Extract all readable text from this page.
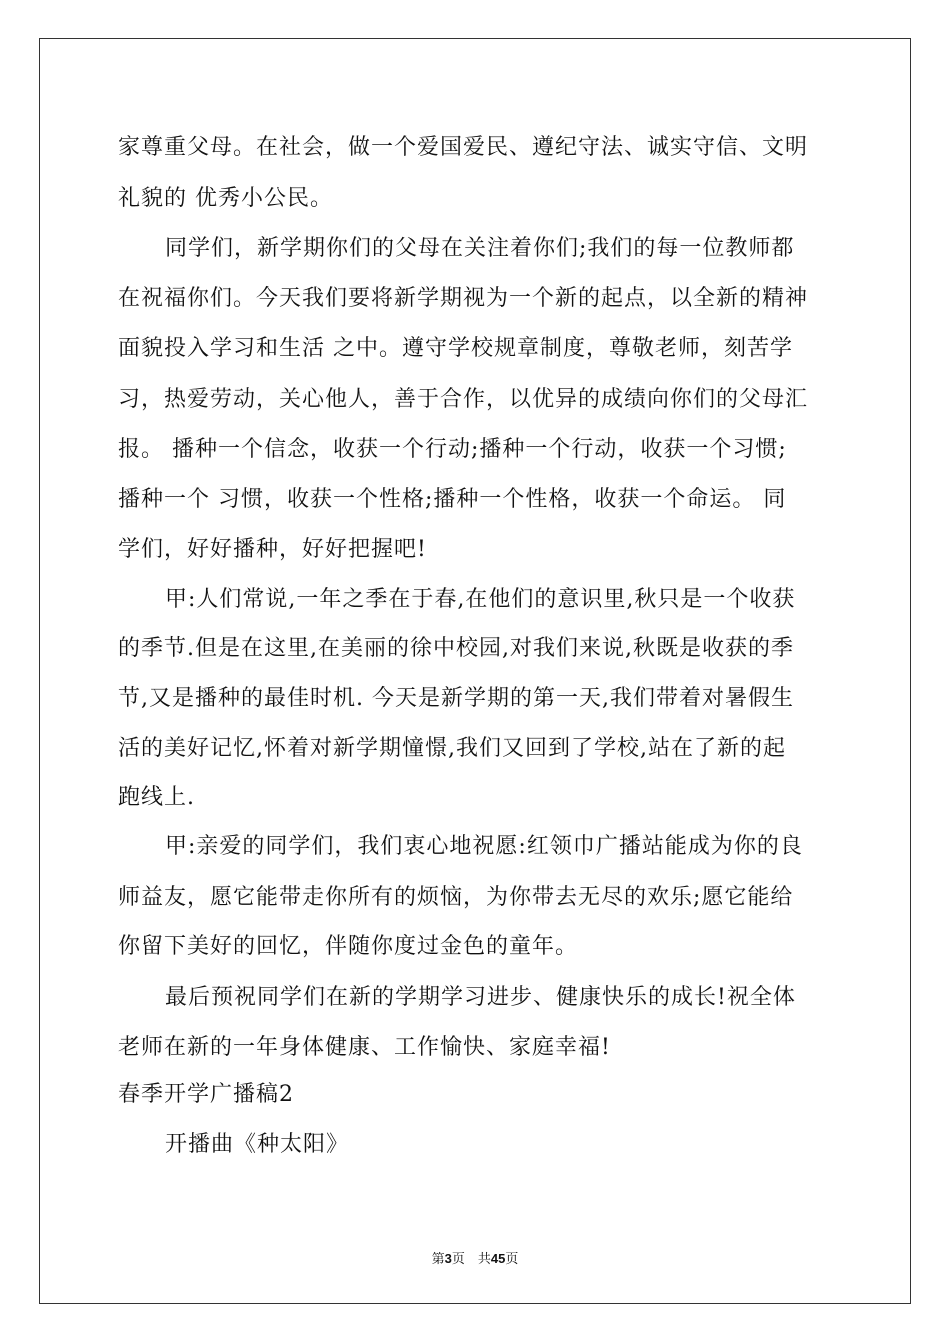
家尊重父母。在社会，做一个爱国爱民、遵纪守法、诚实守信、文明
礼貌的 优秀小公民。
同学们，新学期你们的父母在关注着你们;我们的每一位教师都
在祝福你们。今天我们要将新学期视为一个新的起点，以全新的精神
面貌投入学习和生活 之中。遵守学校规章制度，尊敬老师，刻苦学
习，热爱劳动，关心他人，善于合作，以优异的成绩向你们的父母汇
报。 播种一个信念，收获一个行动;播种一个行动，收获一个习惯;
播种一个 习惯，收获一个性格;播种一个性格，收获一个命运。 同
学们，好好播种，好好把握吧!
甲:人们常说,一年之季在于春,在他们的意识里,秋只是一个收获
的季节.但是在这里,在美丽的徐中校园,对我们来说,秋既是收获的季
节,又是播种的最佳时机. 今天是新学期的第一天,我们带着对暑假生
活的美好记忆,怀着对新学期憧憬,我们又回到了学校,站在了新的起
跑线上.
甲:亲爱的同学们，我们衷心地祝愿:红领巾广播站能成为你的良
师益友，愿它能带走你所有的烦恼，为你带去无尽的欢乐;愿它能给
你留下美好的回忆，伴随你度过金色的童年。
最后预祝同学们在新的学期学习进步、健康快乐的成长!祝全体
老师在新的一年身体健康、工作愉快、家庭幸福!
春季开学广播稿2
开播曲《种太阳》
第3页　共45页
